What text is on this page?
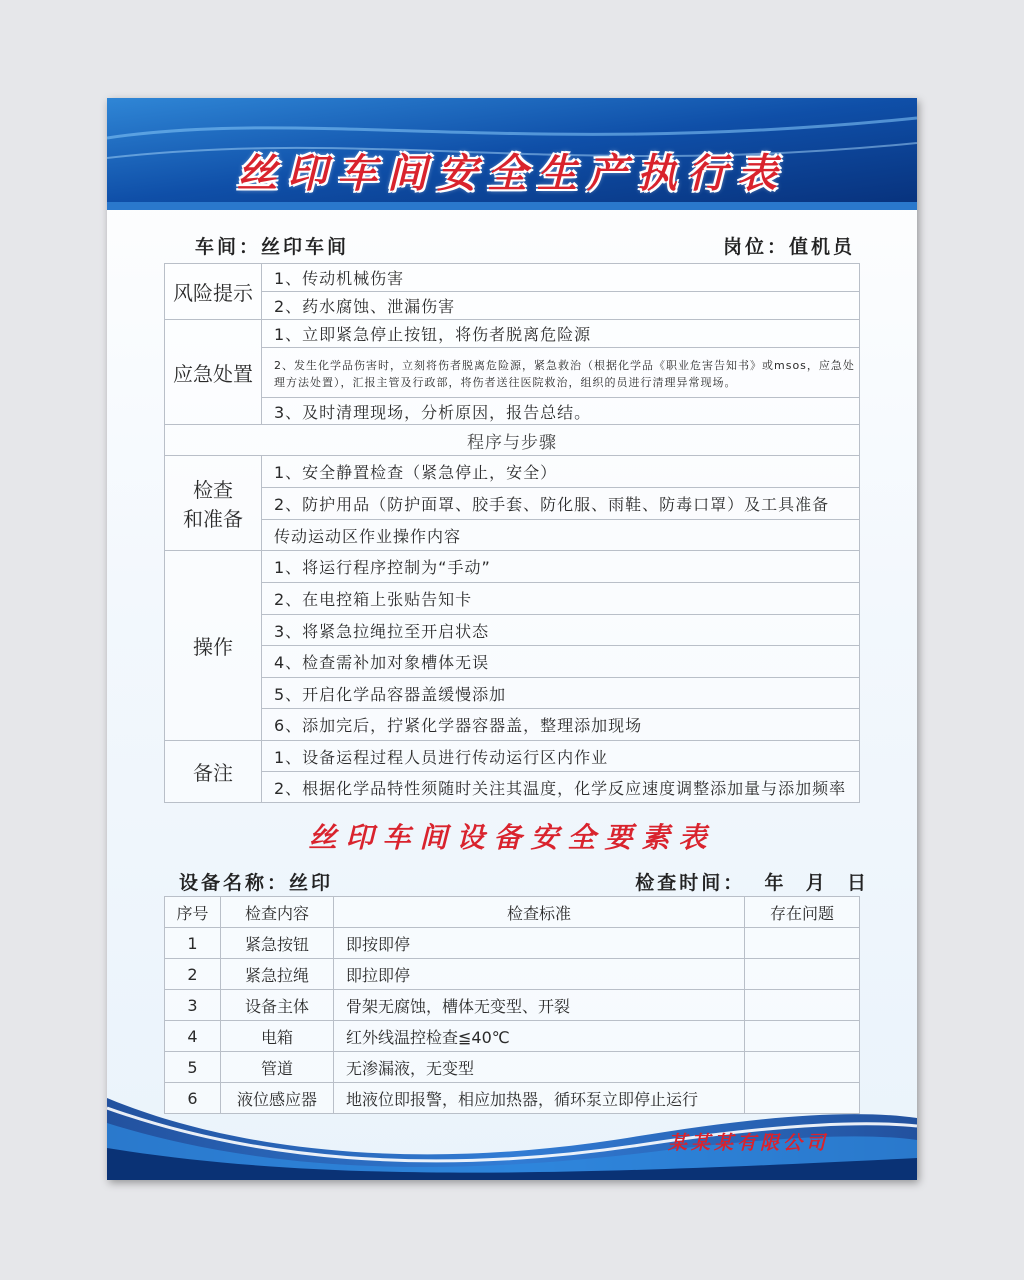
丝印车间安全生产执行表
车间：丝印车间	岗位：值机员
风险提示	1、传动机械伤害
	2、药水腐蚀、泄漏伤害
应急处置	1、立即紧急停止按钮，将伤者脱离危险源
	2、发生化学品伤害时，立刻将伤者脱离危险源，紧急救治（根据化学品《职业危害告知书》或msos，应急处理方法处置），汇报主管及行政部，将伤者送往医院救治，组织的员进行清理异常现场。
	3、及时清理现场，分析原因，报告总结。
程序与步骤	

检查
和准备	1、安全静置检查（紧急停止，安全）
	2、防护用品（防护面罩、胶手套、防化服、雨鞋、防毒口罩）及工具准备
	传动运动区作业操作内容
操作	1、将运行程序控制为“手动”
	2、在电控箱上张贴告知卡
	3、将紧急拉绳拉至开启状态
	4、检查需补加对象槽体无误
	5、开启化学品容器盖缓慢添加
	6、添加完后，拧紧化学器容器盖，整理添加现场
备注	1、设备运程过程人员进行传动运行区内作业
	2、根据化学品特性须随时关注其温度，化学反应速度调整添加量与添加频率
丝印车间设备安全要素表
设备名称：丝印	检查时间：  年  月  日
序号	检查内容	检查标准	存在问题
1	紧急按钮	即按即停	
2	紧急拉绳	即拉即停	
3	设备主体	骨架无腐蚀，槽体无变型、开裂	
4	电箱	红外线温控检查≦40℃	
5	管道	无渗漏液，无变型	
6	液位感应器	地液位即报警，相应加热器，循环泵立即停止运行	
某某某有限公司
